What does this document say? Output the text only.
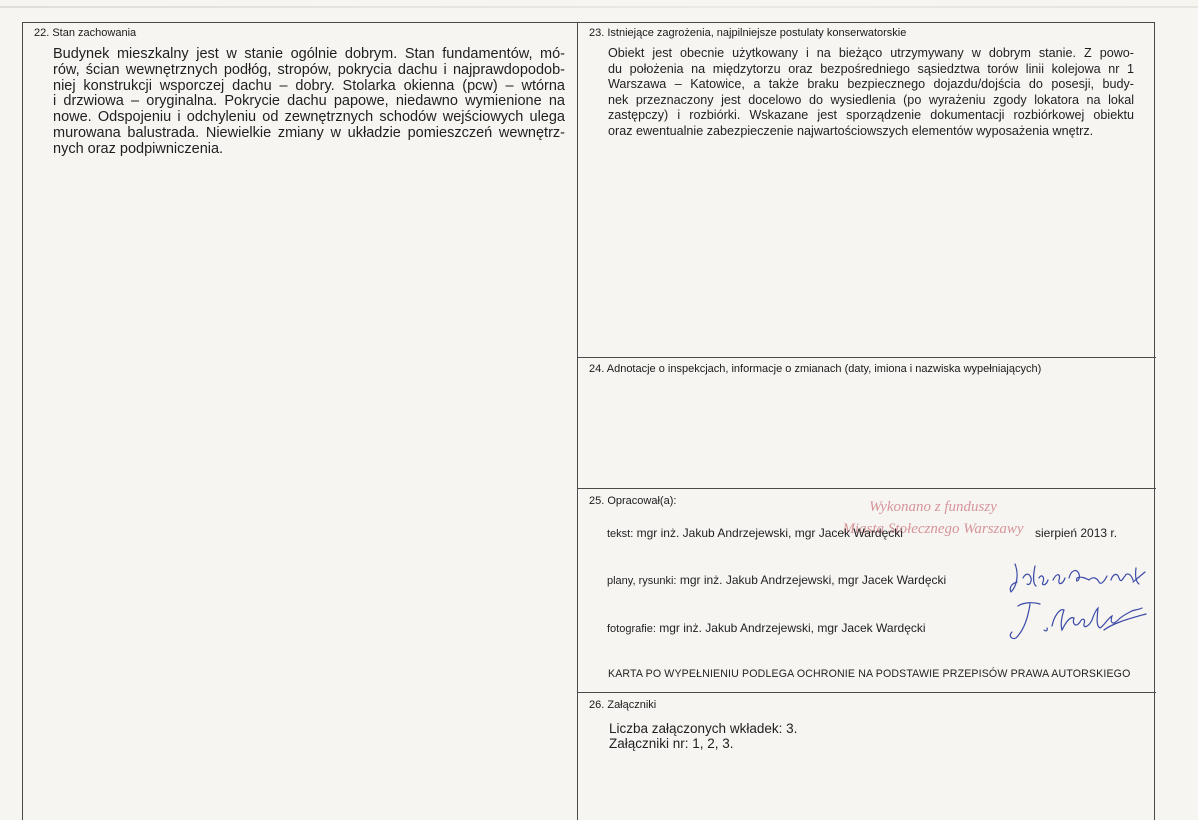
22. Stan zachowania
Budynek mieszkalny jest w stanie ogólnie dobrym. Stan fundamentów, mó-
rów, ścian wewnętrznych podłóg, stropów, pokrycia dachu i najprawdopodob-
niej konstrukcji wsporczej dachu – dobry. Stolarka okienna (pcw) – wtórna
i drzwiowa – oryginalna. Pokrycie dachu papowe, niedawno wymienione na
nowe. Odspojeniu i odchyleniu od zewnętrznych schodów wejściowych ulega
murowana balustrada. Niewielkie zmiany w układzie pomieszczeń wewnętrz-
nych oraz podpiwniczenia.
23. Istniejące zagrożenia, najpilniejsze postulaty konserwatorskie
Obiekt jest obecnie użytkowany i na bieżąco utrzymywany w dobrym stanie. Z powo-
du położenia na międzytorzu oraz bezpośredniego sąsiedztwa torów linii kolejowa nr 1
Warszawa – Katowice, a także braku bezpiecznego dojazdu/dojścia do posesji, budy-
nek przeznaczony jest docelowo do wysiedlenia (po wyrażeniu zgody lokatora na lokal
zastępczy) i rozbiórki. Wskazane jest sporządzenie dokumentacji rozbiórkowej obiektu
oraz ewentualnie zabezpieczenie najwartościowszych elementów wyposażenia wnętrz.
24. Adnotacje o inspekcjach, informacje o zmianach (daty, imiona i nazwiska wypełniających)
25. Opracował(a):	Wykonano z funduszy
Miasta Stołecznego Warszawy
tekst: mgr inż. Jakub Andrzejewski, mgr Jacek Wardęcki	sierpień 2013 r.
plany, rysunki: mgr inż. Jakub Andrzejewski, mgr Jacek Wardęcki
fotografie: mgr inż. Jakub Andrzejewski, mgr Jacek Wardęcki
KARTA PO WYPEŁNIENIU PODLEGA OCHRONIE NA PODSTAWIE PRZEPISÓW PRAWA AUTORSKIEGO
26. Załączniki
Liczba załączonych wkładek: 3.
Załączniki nr: 1, 2, 3.
